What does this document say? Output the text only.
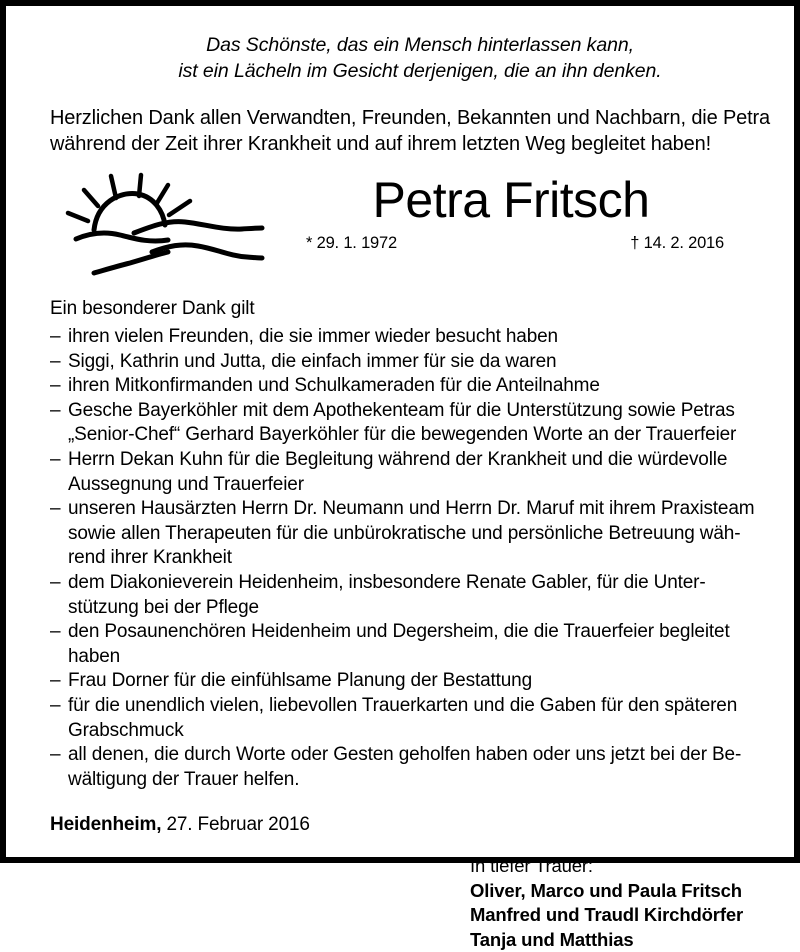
Das Schönste, das ein Mensch hinterlassen kann,
ist ein Lächeln im Gesicht derjenigen, die an ihn denken.
Herzlichen Dank allen Verwandten, Freunden, Bekannten und Nachbarn, die Petra
während der Zeit ihrer Krankheit und auf ihrem letzten Weg begleitet haben!
Petra Fritsch
* 29. 1. 1972	† 14. 2. 2016
Ein besonderer Dank gilt
– ihren vielen Freunden, die sie immer wieder besucht haben
– Siggi, Kathrin und Jutta, die einfach immer für sie da waren
– ihren Mitkonfirmanden und Schulkameraden für die Anteilnahme
– Gesche Bayerköhler mit dem Apothekenteam für die Unterstützung sowie Petras
„Senior-Chef“ Gerhard Bayerköhler für die bewegenden Worte an der Trauerfeier
– Herrn Dekan Kuhn für die Begleitung während der Krankheit und die würdevolle
Aussegnung und Trauerfeier
– unseren Hausärzten Herrn Dr. Neumann und Herrn Dr. Maruf mit ihrem Praxisteam
sowie allen Therapeuten für die unbürokratische und persönliche Betreuung wäh-
rend ihrer Krankheit
– dem Diakonieverein Heidenheim, insbesondere Renate Gabler, für die Unter-
stützung bei der Pflege
– den Posaunenchören Heidenheim und Degersheim, die die Trauerfeier begleitet
haben
– Frau Dorner für die einfühlsame Planung der Bestattung
– für die unendlich vielen, liebevollen Trauerkarten und die Gaben für den späteren
Grabschmuck
– all denen, die durch Worte oder Gesten geholfen haben oder uns jetzt bei der Be-
wältigung der Trauer helfen.
Heidenheim, 27. Februar 2016
In tiefer Trauer:
Oliver, Marco und Paula Fritsch
Manfred und Traudl Kirchdörfer
Tanja und Matthias
